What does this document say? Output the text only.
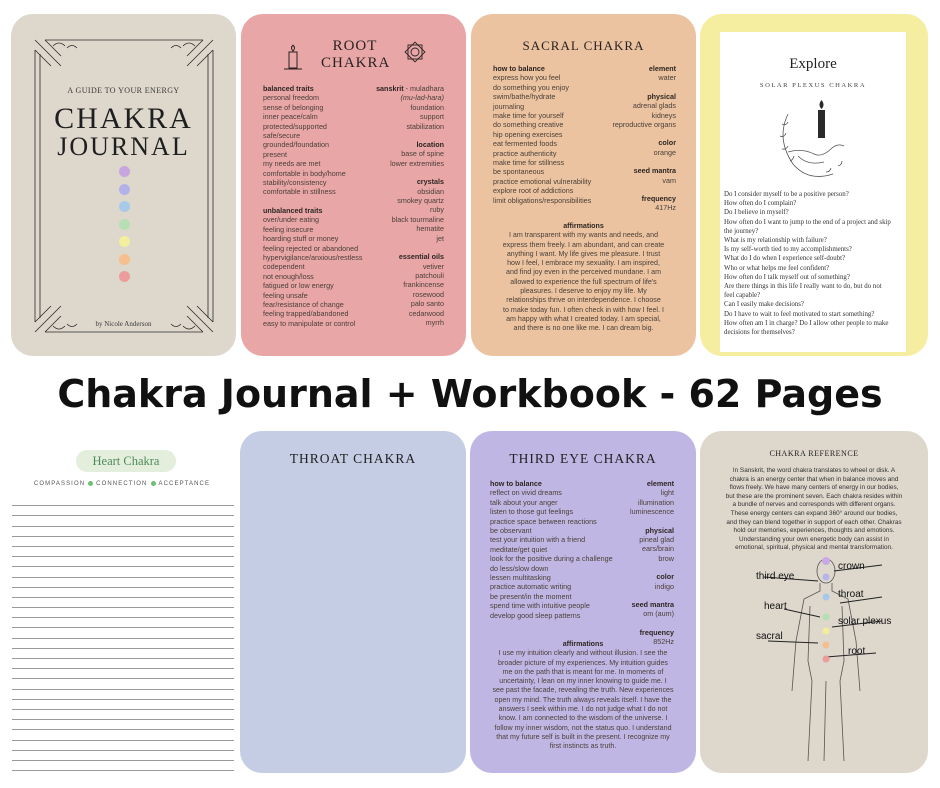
A GUIDE TO YOUR ENERGY
CHAKRA
JOURNAL
by Nicole Anderson
ROOT
CHAKRA
balanced traits
personal freedom
sense of belonging
inner peace/calm
protected/supported
safe/secure
grounded/foundation
present
my needs are met
comfortable in body/home
stability/consistency
comfortable in stillness
unbalanced traits
over/under eating
feeling insecure
hoarding stuff or money
feeling rejected or abandoned
hypervigilance/anxious/restless
codependent
not enough/loss
fatigued or low energy
feeling unsafe
fear/resistance of change
feeling trapped/abandoned
easy to manipulate or control
sanskrit - muladhara
(mu-lad-hara)
foundation
support
stabilization
location
base of spine
lower extremities
crystals
obsidian
smokey quartz
ruby
black tourmaline
hematite
jet
essential oils
vetiver
patchouli
frankincense
rosewood
palo santo
cedarwood
myrrh
SACRAL CHAKRA
how to balance
express how you feel
do something you enjoy
swim/bathe/hydrate
journaling
make time for yourself
do something creative
hip opening exercises
eat fermented foods
practice authenticity
make time for stillness
be spontaneous
practice emotional vulnerability
explore root of addictions
limit obligations/responsibilities
element
water
physical
adrenal glads
kidneys
reproductive organs
color
orange
seed mantra
vam
frequency
417Hz
affirmations
I am transparent with my wants and needs, and
express them freely. I am abundant, and can create
anything I want. My life gives me pleasure. I trust
how I feel, I embrace my sexuality. I am inspired,
and find joy even in the perceived mundane. I am
allowed to experience the full spectrum of life's
pleasures. I deserve to enjoy my life. My
relationships thrive on interdependence. I choose
to make today fun. I often check in with how I feel. I
am happy with what I created today. I am special,
and there is no one like me. I can dream big.
Explore
SOLAR PLEXUS CHAKRA
Do I consider myself to be a positive person?
How often do I complain?
Do I believe in myself?
How often do I want to jump to the end of a project and skip
the journey?
What is my relationship with failure?
Is my self-worth tied to my accomplishments?
What do I do when I experience self-doubt?
Who or what helps me feel confident?
How often do I talk myself out of something?
Are there things in this life I really want to do, but do not
feel capable?
Can I easily make decisions?
Do I have to wait to feel motivated to start something?
How often am I in charge? Do I allow other people to make
decisions for themselves?
Chakra Journal + Workbook - 62 Pages
Heart Chakra
COMPASSION CONNECTION ACCEPTANCE
THROAT CHAKRA	THIRD EYE CHAKRA
how to balance
reflect on vivid dreams
talk about your anger
listen to those gut feelings
practice space between reactions
be observant
test your intuition with a friend
meditate/get quiet
look for the positive during a challenge
do less/slow down
lessen multitasking
practice automatic writing
be present/in the moment
spend time with intuitive people
develop good sleep patterns
element
light
illumination
luminescence
physical
pineal glad
ears/brain
brow
color
indigo
seed mantra
om (aum)
frequency
852Hz
affirmations
I use my intuition clearly and without illusion. I see the
broader picture of my experiences. My intuition guides
me on the path that is meant for me. In moments of
uncertainty, I lean on my inner knowing to guide me. I
see past the facade, revealing the truth. New experiences
open my mind. The truth always reveals itself. I have the
answers I seek within me. I do not judge what I do not
know. I am connected to the wisdom of the universe. I
follow my inner wisdom, not the status quo. I understand
that my future self is built in the present. I recognize my
first instincts as truth.
CHAKRA REFERENCE
In Sanskrit, the word chakra translates to wheel or disk. A
chakra is an energy center that when in balance moves and
flows freely. We have many centers of energy in our bodies,
but these are the prominent seven. Each chakra resides within
a bundle of nerves and corresponds with different organs.
These energy centers can expand 360° around our bodies,
and they can blend together in support of each other. Chakras
hold our memories, experiences, thoughts and emotions.
Understanding your own energetic body can assist in
emotional, spiritual, physical and mental transformation.
crown
third eye
throat
heart
solar plexus
sacral
root
